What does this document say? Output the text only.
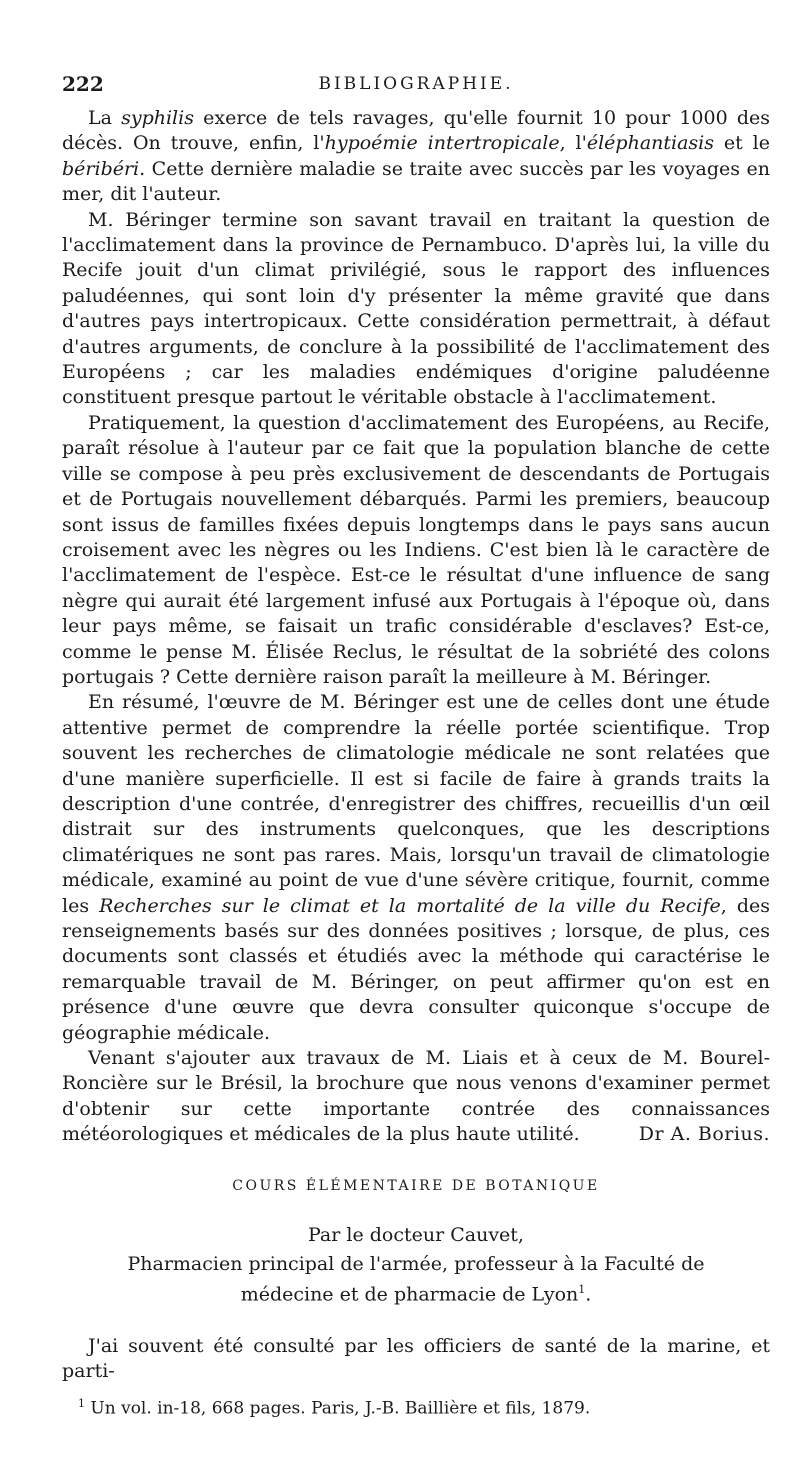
222	BIBLIOGRAPHIE.

La syphilis exerce de tels ravages, qu'elle fournit 10 pour 1000 des décès. On trouve, enfin, l'hypoémie intertropicale, l'éléphantiasis et le béribéri. Cette dernière maladie se traite avec succès par les voyages en mer, dit l'auteur.

M. Béringer termine son savant travail en traitant la question de l'acclimatement dans la province de Pernambuco. D'après lui, la ville du Recife jouit d'un climat privilégié, sous le rapport des influences paludéennes, qui sont loin d'y présenter la même gravité que dans d'autres pays intertropicaux. Cette considération permettrait, à défaut d'autres arguments, de conclure à la possibilité de l'acclimatement des Européens ; car les maladies endémiques d'origine paludéenne constituent presque partout le véritable obstacle à l'acclimatement.

Pratiquement, la question d'acclimatement des Européens, au Recife, paraît résolue à l'auteur par ce fait que la population blanche de cette ville se compose à peu près exclusivement de descendants de Portugais et de Portugais nouvellement débarqués. Parmi les premiers, beaucoup sont issus de familles fixées depuis longtemps dans le pays sans aucun croisement avec les nègres ou les Indiens. C'est bien là le caractère de l'acclimatement de l'espèce. Est-ce le résultat d'une influence de sang nègre qui aurait été largement infusé aux Portugais à l'époque où, dans leur pays même, se faisait un trafic considérable d'esclaves? Est-ce, comme le pense M. Élisée Reclus, le résultat de la sobriété des colons portugais ? Cette dernière raison paraît la meilleure à M. Béringer.

En résumé, l'œuvre de M. Béringer est une de celles dont une étude attentive permet de comprendre la réelle portée scientifique. Trop souvent les recherches de climatologie médicale ne sont relatées que d'une manière superficielle. Il est si facile de faire à grands traits la description d'une contrée, d'enregistrer des chiffres, recueillis d'un œil distrait sur des instruments quelconques, que les descriptions climatériques ne sont pas rares. Mais, lorsqu'un travail de climatologie médicale, examiné au point de vue d'une sévère critique, fournit, comme les Recherches sur le climat et la mortalité de la ville du Recife, des renseignements basés sur des données positives ; lorsque, de plus, ces documents sont classés et étudiés avec la méthode qui caractérise le remarquable travail de M. Béringer, on peut affirmer qu'on est en présence d'une œuvre que devra consulter quiconque s'occupe de géographie médicale.

Venant s'ajouter aux travaux de M. Liais et à ceux de M. Bourel-Roncière sur le Brésil, la brochure que nous venons d'examiner permet d'obtenir sur cette importante contrée des connaissances météorologiques et médicales de la plus haute utilité.	Dr A. Borius.

COURS ÉLÉMENTAIRE DE BOTANIQUE
Par le docteur Cauvet,
Pharmacien principal de l'armée, professeur à la Faculté de médecine et de pharmacie de Lyon$^1$.

J'ai souvent été consulté par les officiers de santé de la marine, et parti-

$^1$ Un vol. in-18, 668 pages. Paris, J.-B. Baillière et fils, 1879.
